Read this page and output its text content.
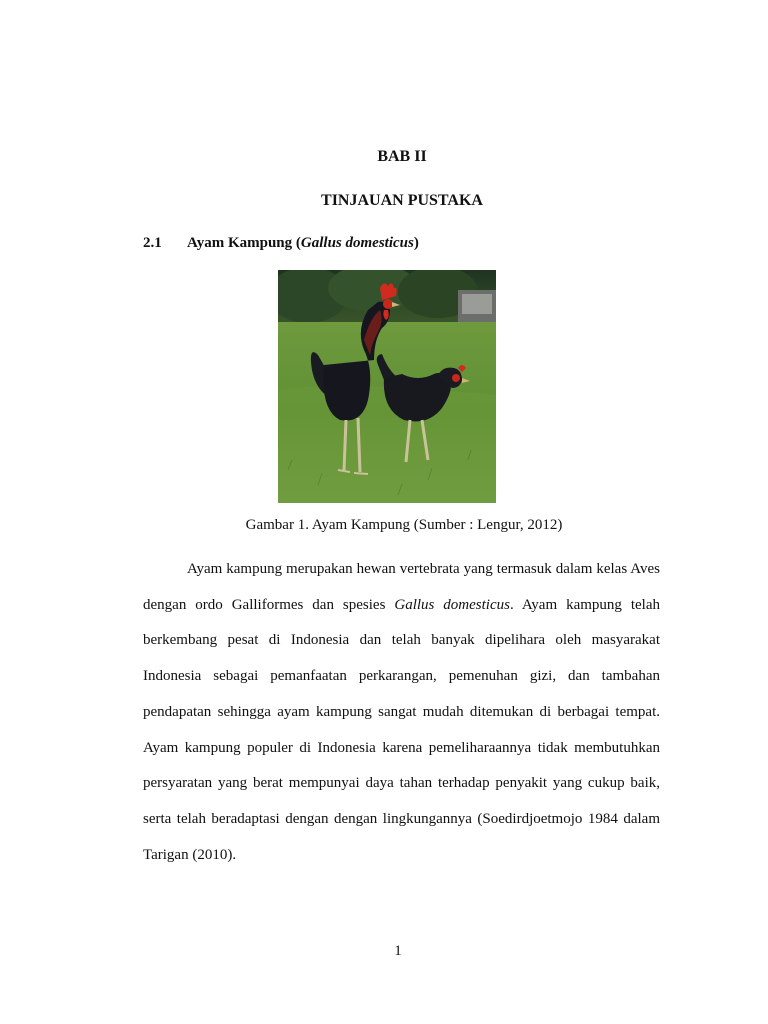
BAB II
TINJAUAN PUSTAKA
2.1 Ayam Kampung (Gallus domesticus)
Gambar 1. Ayam Kampung (Sumber : Lengur, 2012)

Ayam kampung merupakan hewan vertebrata yang termasuk dalam kelas Aves dengan ordo Galliformes dan spesies Gallus domesticus. Ayam kampung telah berkembang pesat di Indonesia dan telah banyak dipelihara oleh masyarakat Indonesia sebagai pemanfaatan perkarangan, pemenuhan gizi, dan tambahan pendapatan sehingga ayam kampung sangat mudah ditemukan di berbagai tempat. Ayam kampung populer di Indonesia karena pemeliharaannya tidak membutuhkan persyaratan yang berat mempunyai daya tahan terhadap penyakit yang cukup baik, serta telah beradaptasi dengan dengan lingkungannya (Soedirdjoetmojo 1984 dalam Tarigan (2010).

1
